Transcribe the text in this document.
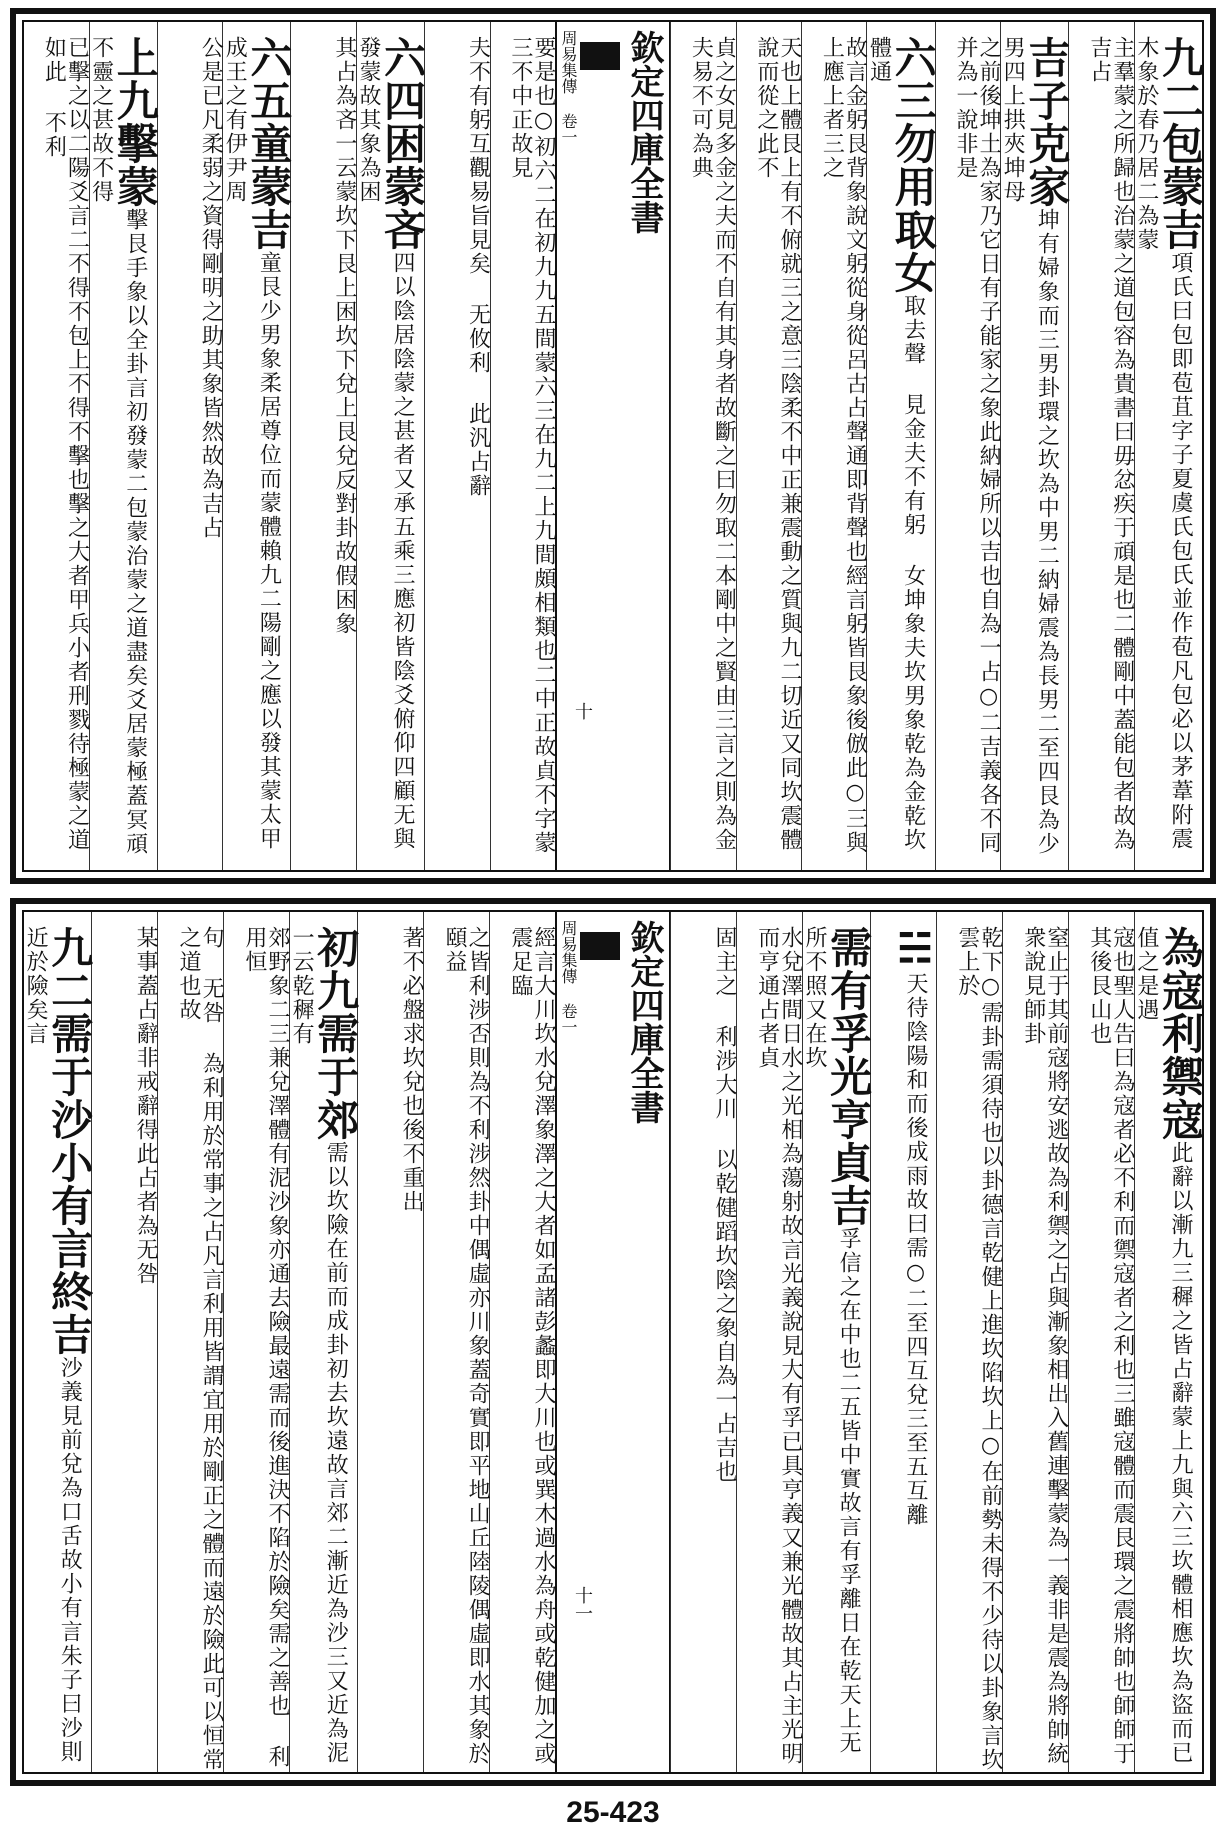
九二包蒙吉項氏曰包即苞苴字子夏虞氏包氏並作苞凡包必以茅葦附震木象於春乃居二為蒙
主羣蒙之所歸也治蒙之道包容為貴書曰毋忿疾于頑是也二體剛中蓋能包者故為吉占
吉子克家坤有婦象而三男卦環之坎為中男二納婦震為長男二至四艮為少男四上拱夾坤母
之前後坤土為家乃它日有子能家之象此納婦所以吉也自為一占○二吉義各不同并為一說非是
六三勿用取女取去聲 見金夫不有躬 女坤象夫坎男象乾為金乾坎體通
故言金躬艮背象說文躬從身從呂古占聲通即背聲也經言躬皆艮象後倣此○三與上應上者三之
天也上體艮上有不俯就三之意三陰柔不中正兼震動之質與九二切近又同坎震體說而從之此不
貞之女見多金之夫而不自有其身者故斷之曰勿取二本剛中之賢由三言之則為金夫易不可為典
欽定四庫全書
周易集傳 卷一
十
要是也○初六二在初九九五間蒙六三在九二上九間頗相類也二中正故貞不字蒙三不中正故見
夫不有躬互觀易旨見矣 无攸利 此汎占辭
六四困蒙吝四以陰居陰蒙之甚者又承五乘三應初皆陰爻俯仰四顧无與發蒙故其象為困
其占為吝一云蒙坎下艮上困坎下兌上艮兌反對卦故假困象
六五童蒙吉童艮少男象柔居尊位而蒙體賴九二陽剛之應以發其蒙太甲成王之有伊尹周
公是已凡柔弱之資得剛明之助其象皆然故為吉占
上九擊蒙擊艮手象以全卦言初發蒙二包蒙治蒙之道盡矣爻居蒙極蓋冥頑不靈之甚故不得
已擊之以二陽爻言二不得不包上不得不擊也擊之大者甲兵小者刑戮待極蒙之道如此 不利
為寇利禦寇此辭以漸九三穉之皆占辭蒙上九與六三坎體相應坎為盜而已值之是遇
寇也聖人告曰為寇者必不利而禦寇者之利也三雖寇體而震艮環之震將帥也師師于其後艮山也
窒止于其前寇將安逃故為利禦之占與漸象相出入舊連擊蒙為一義非是震為將帥統衆說見師卦
乾下○需卦需須待也以卦德言乾健上進坎陷坎上○在前勢未得不少待以卦象言坎雲上於
☵天待陰陽和而後成雨故曰需○二至四互兌三至五互離
需有孚光亨貞吉孚信之在中也二五皆中實故言有孚離日在乾天上无所不照又在坎
水兌澤間日水之光相為蕩射故言光義說見大有孚已具亨義又兼光體故其占主光明而亨通占者貞
固主之 利涉大川 以乾健蹈坎陰之象自為一占吉也
欽定四庫全書
周易集傳 卷一
十一
經言大川坎水兌澤象澤之大者如孟諸彭蠡即大川也或巽木過水為舟或乾健加之或震足臨
之皆利涉否則為不利涉然卦中偶虛亦川象蓋奇實即平地山丘陸陵偶虛即水其象於頤益
著不必盤求坎兌也後不重出
初九需于郊需以坎險在前而成卦初去坎遠故言郊二漸近為沙三又近為泥一云乾穉有
郊野象二三兼兌澤體有泥沙象亦通去險最遠需而後進決不陷於險矣需之善也 利用恒
句 无咎 為利用於常事之占凡言利用皆謂宜用於剛正之體而遠於險此可以恒常之道也故
某事蓋占辭非戒辭得此占者為无咎
九二需于沙小有言終吉沙義見前兌為口舌故小有言朱子曰沙則近於險矣言
25-423
